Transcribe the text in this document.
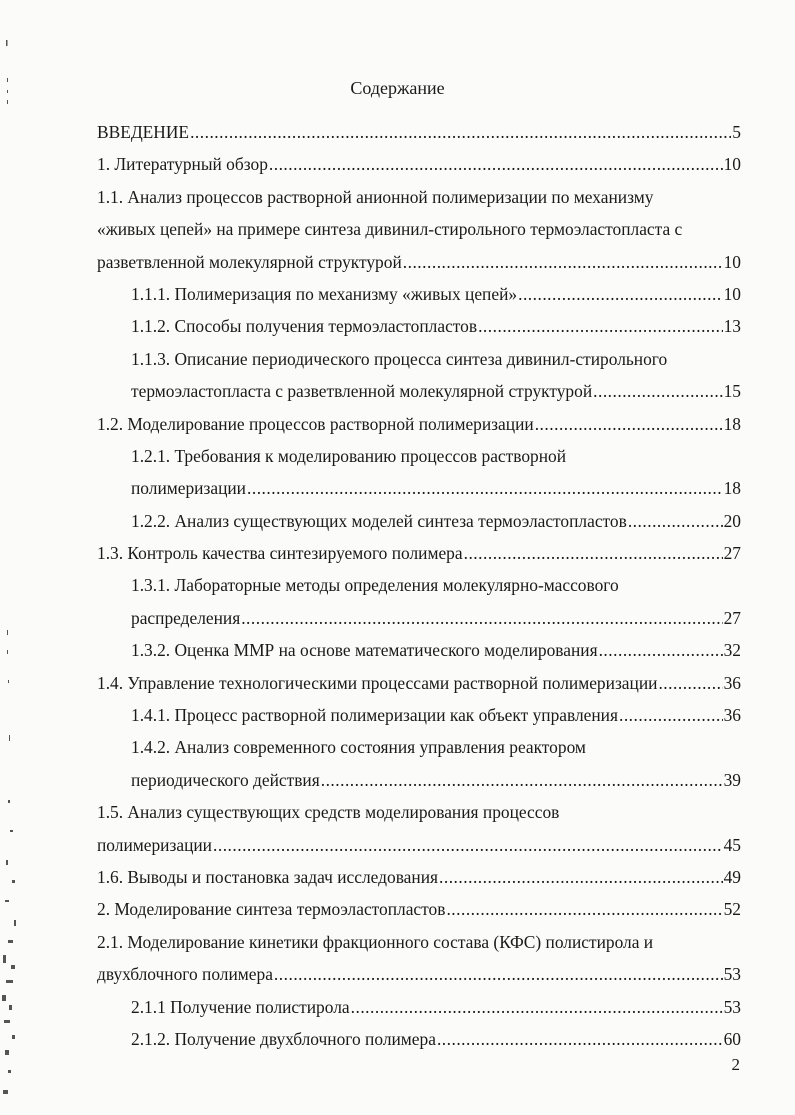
Содержание
ВВЕДЕНИЕ .....	5
1. Литературный обзор .....	10
1.1. Анализ процессов растворной анионной полимеризации по механизму
«живых цепей» на примере синтеза дивинил-стирольного термоэластопласта с
разветвленной молекулярной структурой .....	10
1.1.1. Полимеризация по механизму «живых цепей» .....	10
1.1.2. Способы получения термоэластопластов .....	13
1.1.3. Описание периодического процесса синтеза дивинил-стирольного
термоэластопласта с разветвленной молекулярной структурой .....	15
1.2. Моделирование процессов растворной полимеризации .....	18
1.2.1. Требования к моделированию процессов растворной
полимеризации .....	18
1.2.2. Анализ существующих моделей синтеза термоэластопластов .....	20
1.3. Контроль качества синтезируемого полимера .....	27
1.3.1. Лабораторные методы определения молекулярно-массового
распределения .....	27
1.3.2. Оценка ММР на основе математического моделирования .....	32
1.4. Управление технологическими процессами растворной полимеризации .....	36
1.4.1. Процесс растворной полимеризации как объект управления .....	36
1.4.2. Анализ современного состояния управления реактором
периодического действия .....	39
1.5. Анализ существующих средств моделирования процессов
полимеризации .....	45
1.6. Выводы и постановка задач исследования .....	49
2. Моделирование синтеза термоэластопластов .....	52
2.1. Моделирование кинетики фракционного состава (КФС) полистирола и
двухблочного полимера .....	53
2.1.1 Получение полистирола .....	53
2.1.2. Получение двухблочного полимера .....	60
2
